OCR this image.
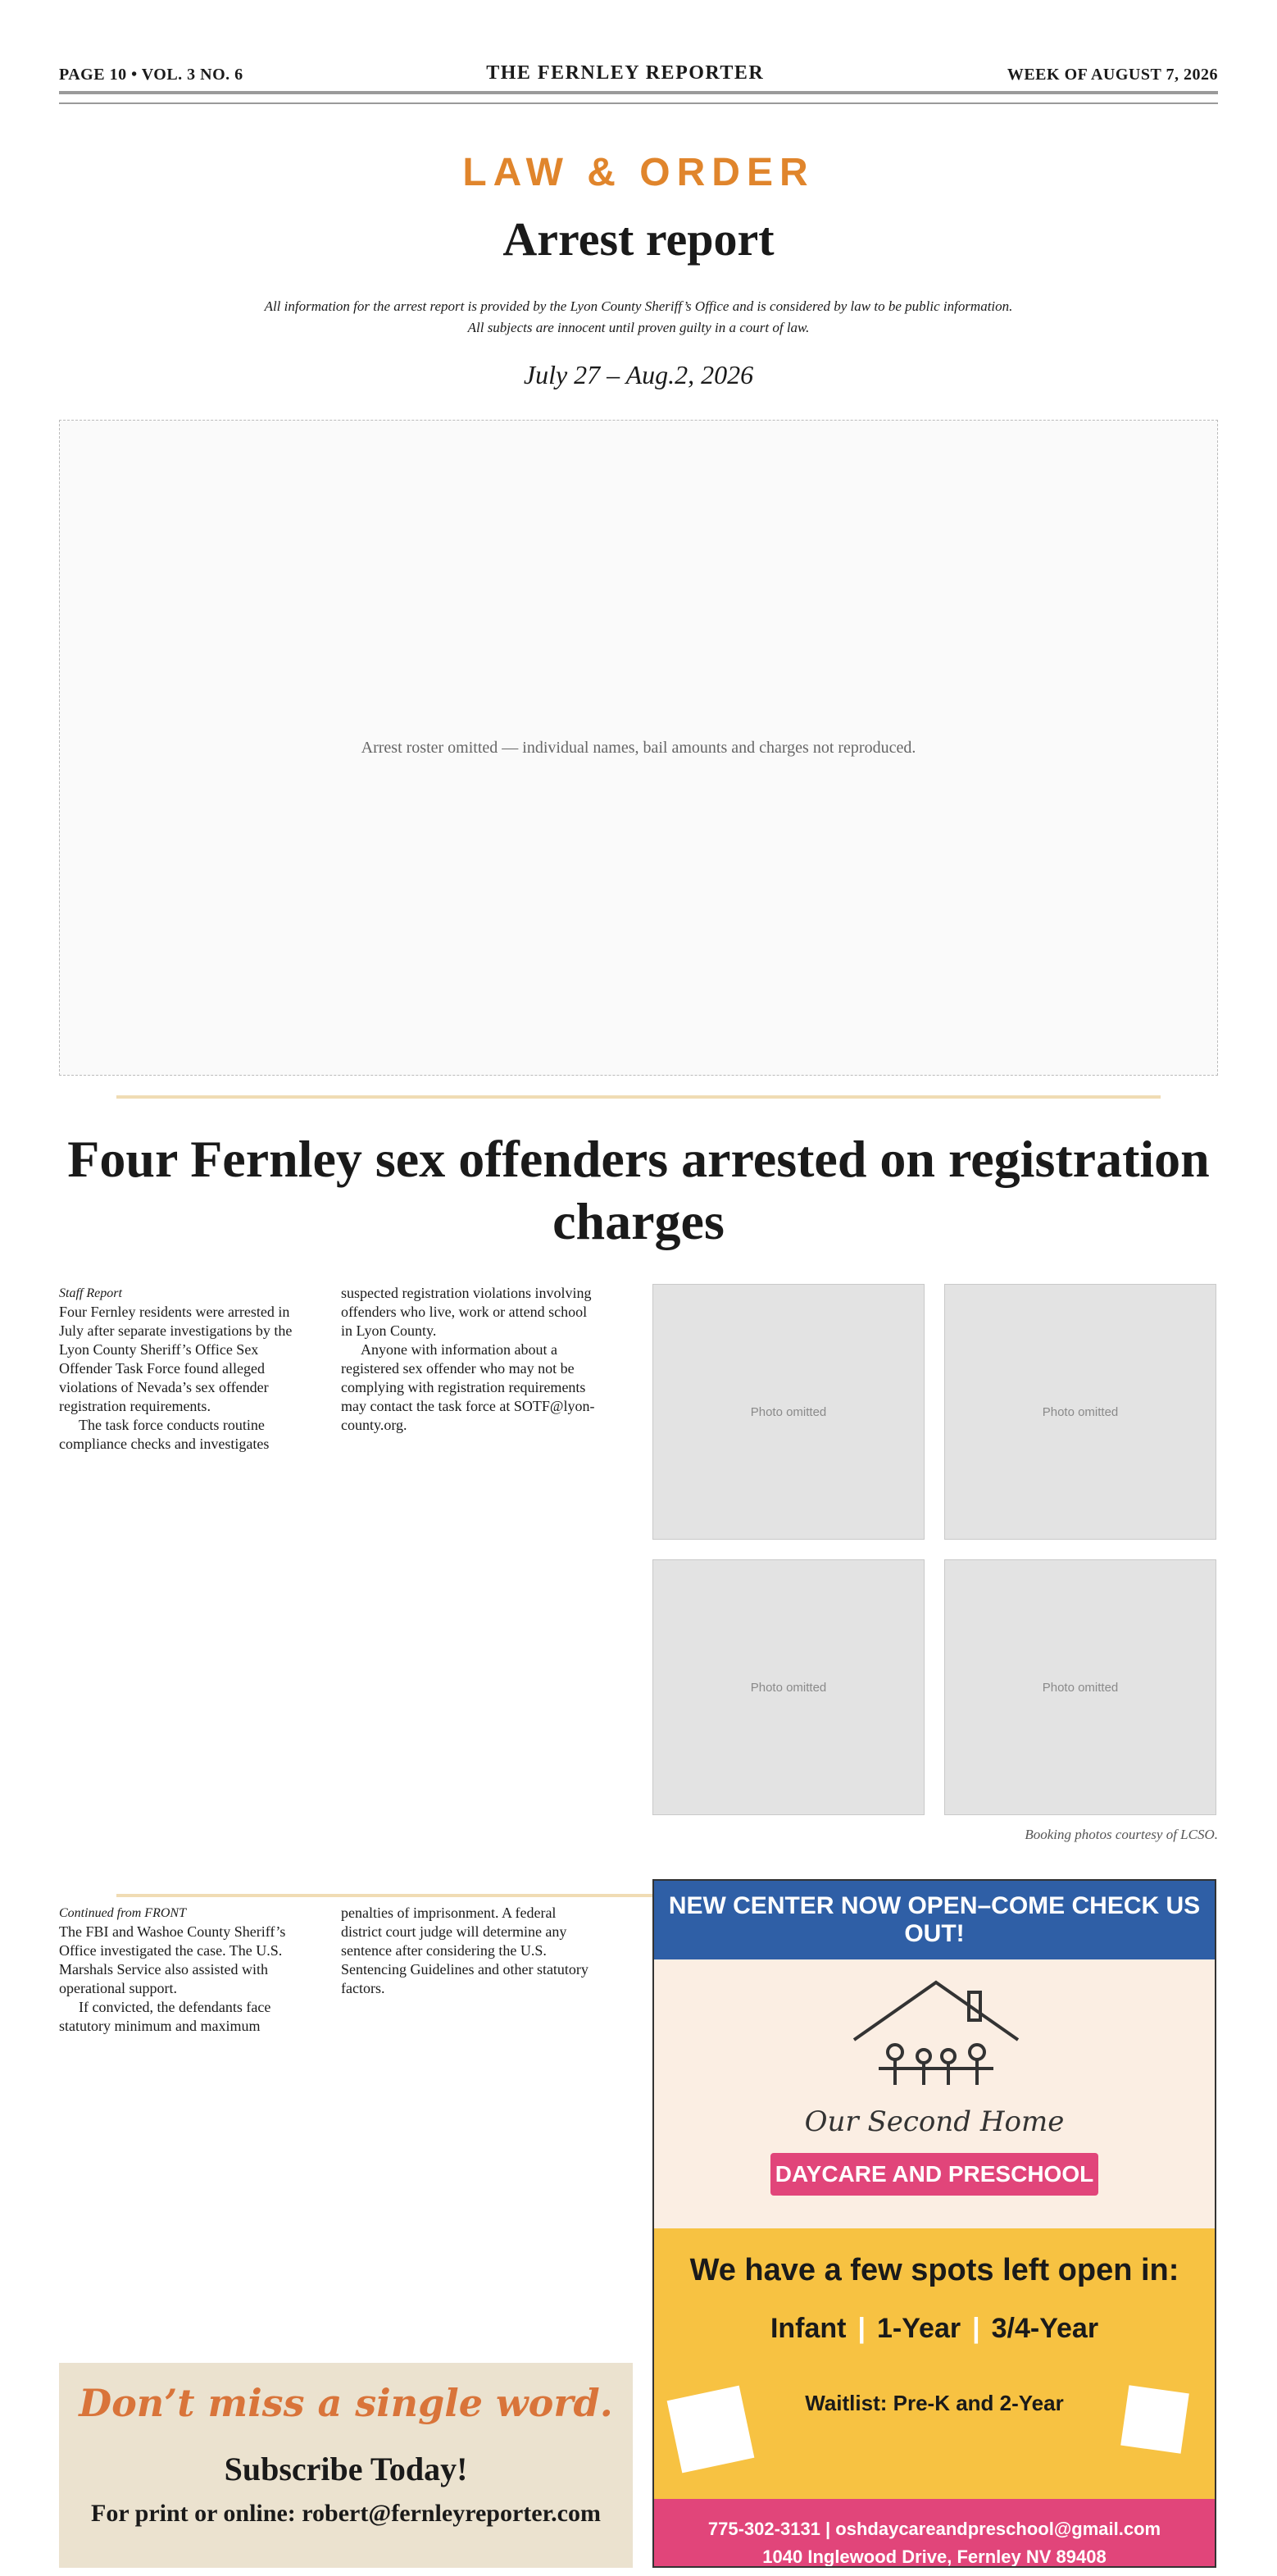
PAGE 10 • VOL. 3 NO. 6	THE FERNLEY REPORTER	WEEK OF AUGUST 7, 2026
LAW & ORDER
Arrest report
All information for the arrest report is provided by the Lyon County Sheriff’s Office and is considered by law to be public information.
All subjects are innocent until proven guilty in a court of law.
July 27 – Aug.2, 2026
Arrest roster omitted — individual names, bail amounts and charges not reproduced.
Four Fernley sex offenders arrested on registration charges

Staff Report

Four Fernley residents were arrested in July after separate investigations by the Lyon County Sheriff’s Office Sex Offender Task Force found alleged violations of Nevada’s sex offender registration requirements.

The task force conducts routine compliance checks and investigates suspected registration violations involving offenders who live, work or attend school in Lyon County.

Anyone with information about a registered sex offender who may not be complying with registration requirements may contact the task force at SOTF@lyon-county.org.

Photo omitted	Photo omitted
Photo omitted	Photo omitted
Booking photos courtesy of LCSO.

Continued from FRONT

The FBI and Washoe County Sheriff’s Office investigated the case. The U.S. Marshals Service also assisted with operational support.

If convicted, the defendants face statutory minimum and maximum penalties of imprisonment. A federal district court judge will determine any sentence after considering the U.S. Sentencing Guidelines and other statutory factors.

Don’t miss a single word.
Subscribe Today!
For print or online: robert@fernleyreporter.com
NEW CENTER NOW OPEN–COME CHECK US OUT!
Our Second Home
DAYCARE AND PRESCHOOL
We have a few spots left open in:
Infant | 1-Year | 3/4-Year
Waitlist: Pre-K and 2-Year
775-302-3131 | oshdaycareandpreschool@gmail.com
1040 Inglewood Drive, Fernley NV 89408
